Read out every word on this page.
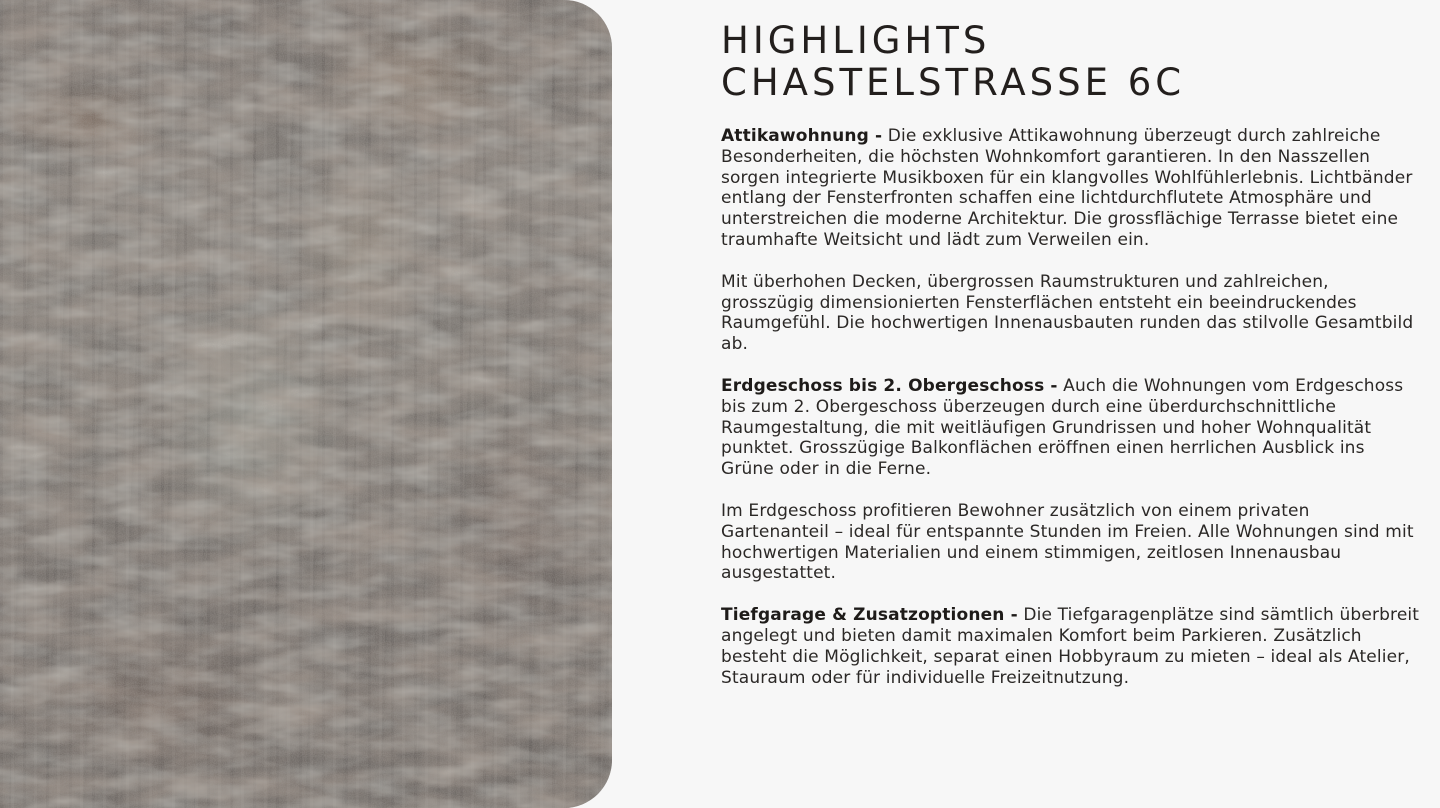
HIGHLIGHTS
CHASTELSTRASSE 6C

Attikawohnung - Die exklusive Attikawohnung überzeugt durch zahlreiche Besonderheiten, die höchsten Wohnkomfort garantieren. In den Nasszellen sorgen integrierte Musikboxen für ein klangvolles Wohlfühlerlebnis. Lichtbänder entlang der Fensterfronten schaffen eine lichtdurchflutete Atmosphäre und unterstreichen die moderne Architektur. Die grossflächige Terrasse bietet eine traumhafte Weitsicht und lädt zum Verweilen ein.

Mit überhohen Decken, übergrossen Raumstrukturen und zahlreichen, grosszügig dimensionierten Fensterflächen entsteht ein beeindruckendes Raumgefühl. Die hochwertigen Innenausbauten runden das stilvolle Gesamtbild ab.

Erdgeschoss bis 2. Obergeschoss - Auch die Wohnungen vom Erdgeschoss bis zum 2. Obergeschoss überzeugen durch eine überdurchschnittliche Raumgestaltung, die mit weitläufigen Grundrissen und hoher Wohnqualität punktet. Grosszügige Balkonflächen eröffnen einen herrlichen Ausblick ins Grüne oder in die Ferne.

Im Erdgeschoss profitieren Bewohner zusätzlich von einem privaten Gartenanteil – ideal für entspannte Stunden im Freien. Alle Wohnungen sind mit hochwertigen Materialien und einem stimmigen, zeitlosen Innenausbau ausgestattet.

Tiefgarage & Zusatzoptionen - Die Tiefgaragenplätze sind sämtlich überbreit angelegt und bieten damit maximalen Komfort beim Parkieren. Zusätzlich besteht die Möglichkeit, separat einen Hobbyraum zu mieten – ideal als Atelier, Stauraum oder für individuelle Freizeitnutzung.
